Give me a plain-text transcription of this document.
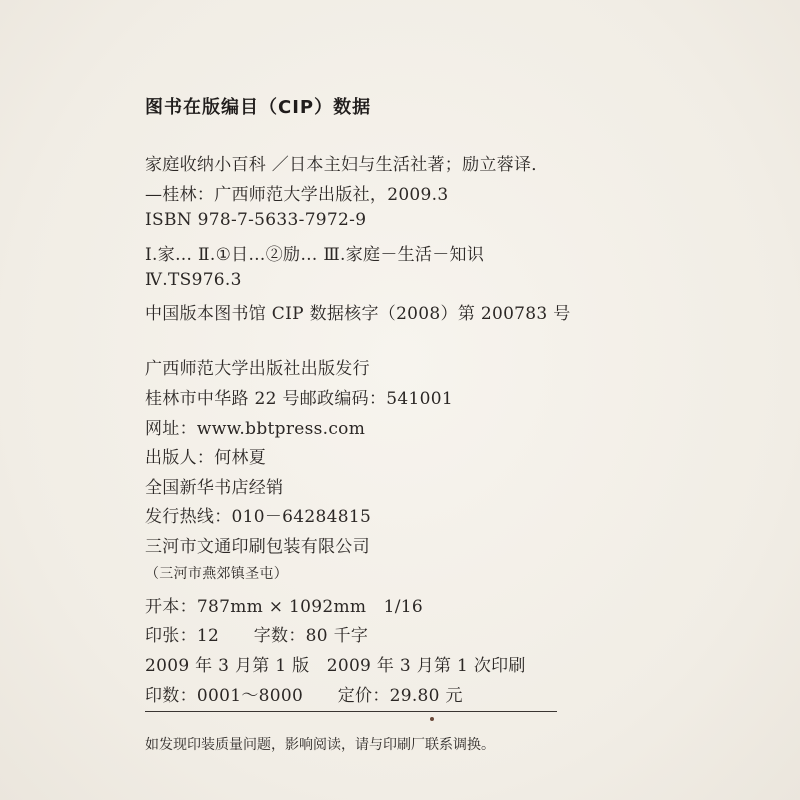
图书在版编目（CIP）数据
家庭收纳小百科 ／日本主妇与生活社著；励立蓉译．
—桂林：广西师范大学出版社，2009.3
ISBN 978-7-5633-7972-9
Ⅰ.家… Ⅱ.①日…②励… Ⅲ.家庭－生活－知识
Ⅳ.TS976.3
中国版本图书馆 CIP 数据核字（2008）第 200783 号
广西师范大学出版社出版发行
桂林市中华路 22 号邮政编码：541001
网址：www.bbtpress.com
出版人：何林夏
全国新华书店经销
发行热线：010－64284815
三河市文通印刷包装有限公司
（三河市燕郊镇圣屯）
开本：787mm × 1092mm　1/16
印张：12　　字数：80 千字
2009 年 3 月第 1 版　2009 年 3 月第 1 次印刷
印数：0001～8000　　定价：29.80 元
如发现印装质量问题，影响阅读，请与印刷厂联系调换。
